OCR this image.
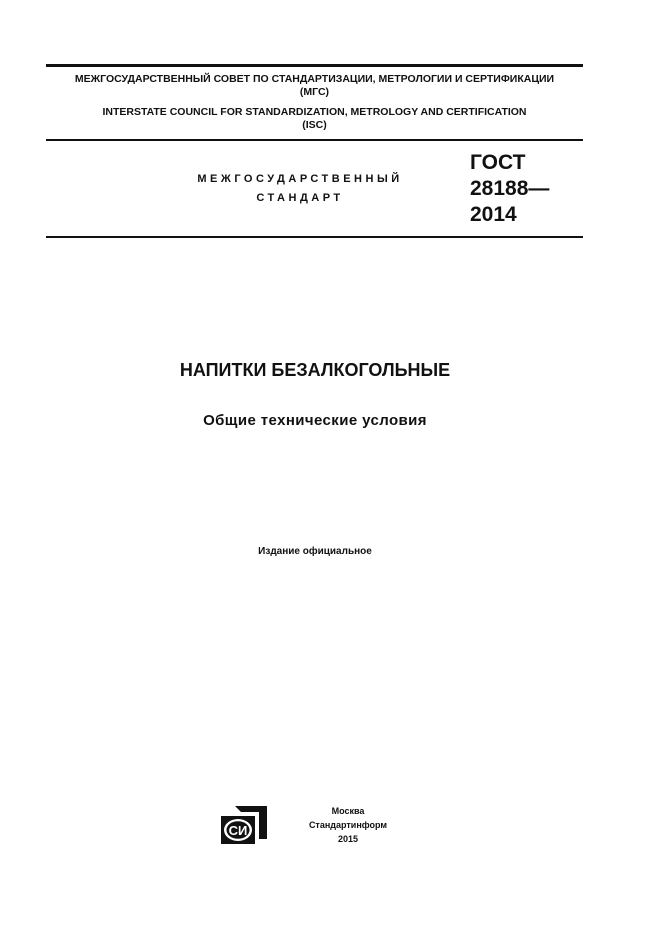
МЕЖГОСУДАРСТВЕННЫЙ СОВЕТ ПО СТАНДАРТИЗАЦИИ, МЕТРОЛОГИИ И СЕРТИФИКАЦИИ
(МГС)
INTERSTATE COUNCIL FOR STANDARDIZATION, METROLOGY AND CERTIFICATION
(ISC)
МЕЖГОСУДАРСТВЕННЫЙ
СТАНДАРТ
ГОСТ
28188—
2014
НАПИТКИ БЕЗАЛКОГОЛЬНЫЕ
Общие технические условия
Издание официальное
СИ
Москва
Стандартинформ
2015
